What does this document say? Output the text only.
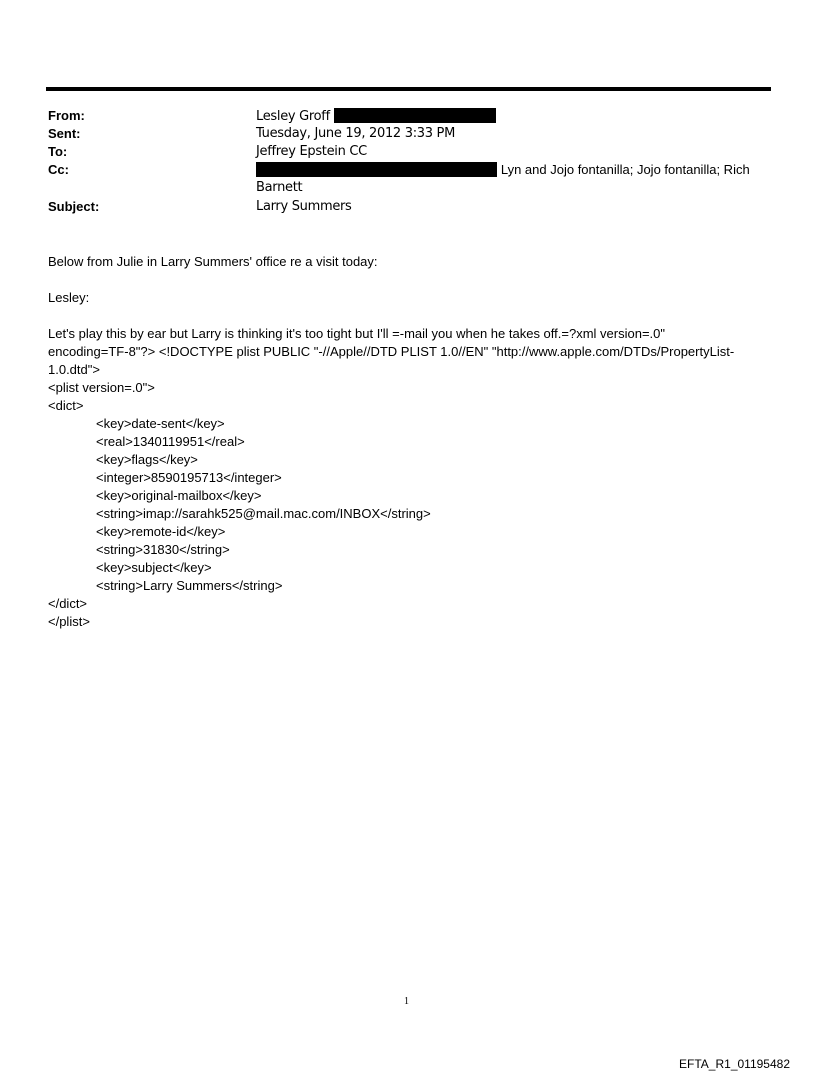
From:	Lesley Groff
Sent:	Tuesday, June 19, 2012 3:33 PM
To:	Jeffrey Epstein CC
Cc:	Lyn and Jojo fontanilla; Jojo fontanilla; Rich
Barnett
Subject:	Larry Summers
Below from Julie in Larry Summers' office re a visit today:
Lesley:
Let's play this by ear but Larry is thinking it's too tight but I'll =-mail you when he takes off.=?xml version=.0"
encoding=TF-8"?> <!DOCTYPE plist PUBLIC "-//Apple//DTD PLIST 1.0//EN" "http://www.apple.com/DTDs/PropertyList-
1.0.dtd">
<plist version=.0">
<dict>
<key>date-sent</key>
<real>1340119951</real>
<key>flags</key>
<integer>8590195713</integer>
<key>original-mailbox</key>
<string>imap://sarahk525@mail.mac.com/INBOX</string>
<key>remote-id</key>
<string>31830</string>
<key>subject</key>
<string>Larry Summers</string>
</dict>
</plist>
1
EFTA_R1_01195482
